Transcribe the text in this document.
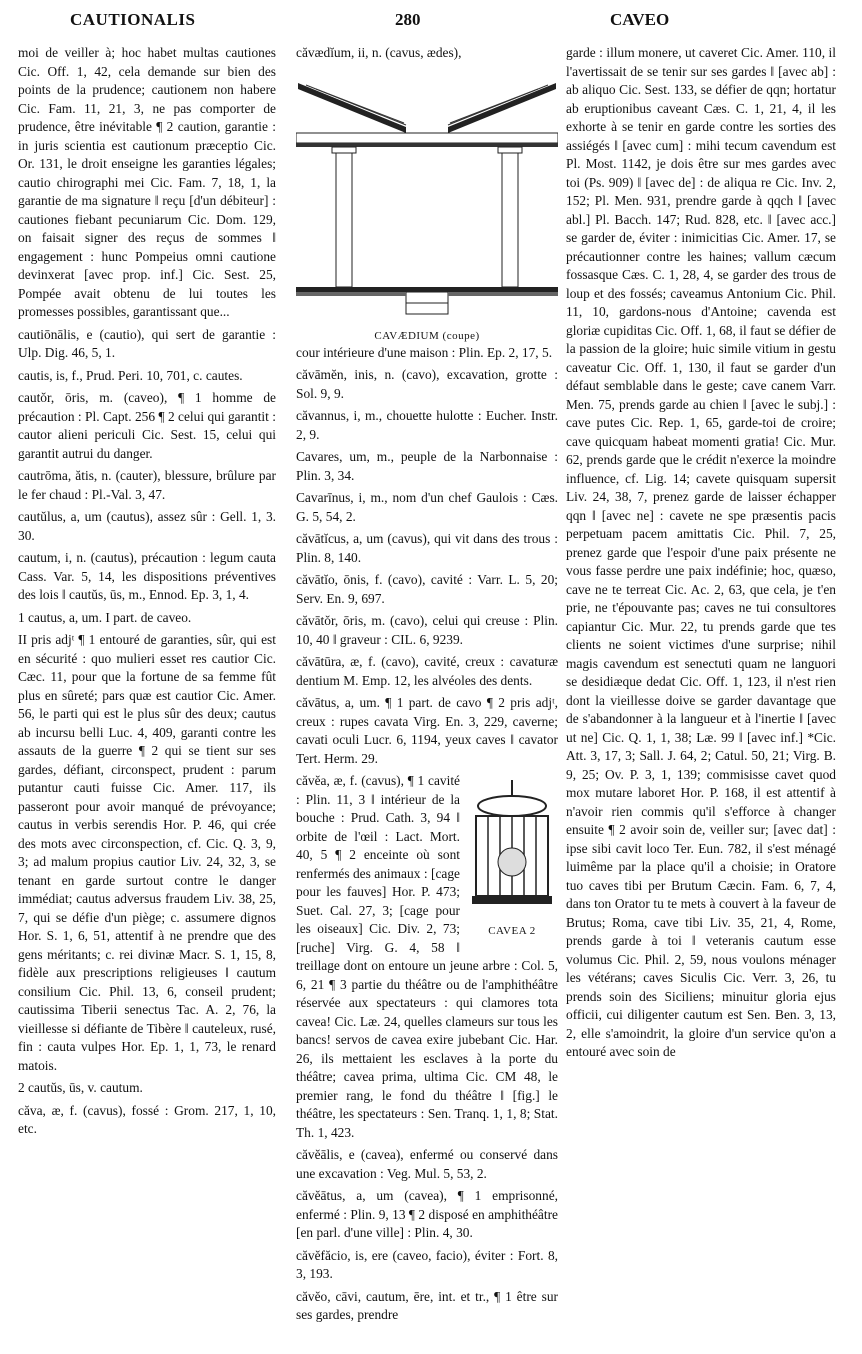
CAUTIONALIS	280	CAVEO

moi de veiller à; hoc habet multas cautiones Cic. Off. 1, 42, cela demande sur bien des points de la prudence; cautionem non habere Cic. Fam. 11, 21, 3, ne pas comporter de prudence, être inévitable ¶ 2 caution, garantie : in juris scientia est cautionum præceptio Cic. Or. 131, le droit enseigne les garanties légales; cautio chirographi mei Cic. Fam. 7, 18, 1, la garantie de ma signature ‖ reçu [d'un débiteur] : cautiones fiebant pecuniarum Cic. Dom. 129, on faisait signer des reçus de sommes ‖ engagement : hunc Pompeius omni cautione devinxerat [avec prop. inf.] Cic. Sest. 25, Pompée avait obtenu de lui toutes les promesses possibles, garantissant que...

cautiōnālis, e (cautio), qui sert de garantie : Ulp. Dig. 46, 5, 1.

cautis, is, f., Prud. Peri. 10, 701, c. cautes.

cautŏr, ōris, m. (caveo), ¶ 1 homme de précaution : Pl. Capt. 256 ¶ 2 celui qui garantit : cautor alieni periculi Cic. Sest. 15, celui qui garantit autrui du danger.

cautrōma, ătis, n. (cauter), blessure, brûlure par le fer chaud : Pl.-Val. 3, 47.

cautŭlus, a, um (cautus), assez sûr : Gell. 1, 3. 30.

cautum, i, n. (cautus), précaution : legum cauta Cass. Var. 5, 14, les dispositions préventives des lois ‖ cautŭs, ūs, m., Ennod. Ep. 3, 1, 4.

1 cautus, a, um. I part. de caveo.

II pris adjᵗ ¶ 1 entouré de garanties, sûr, qui est en sécurité : quo mulieri esset res cautior Cic. Cæc. 11, pour que la fortune de sa femme fût plus en sûreté; pars quæ est cautior Cic. Amer. 56, le parti qui est le plus sûr des deux; cautus ab incursu belli Luc. 4, 409, garanti contre les assauts de la guerre ¶ 2 qui se tient sur ses gardes, défiant, circonspect, prudent : parum putantur cauti fuisse Cic. Amer. 117, ils passeront pour avoir manqué de prévoyance; cautus in verbis serendis Hor. P. 46, qui crée des mots avec circonspection, cf. Cic. Q. 3, 9, 3; ad malum propius cautior Liv. 24, 32, 3, se tenant en garde surtout contre le danger immédiat; cautus adversus fraudem Liv. 38, 25, 7, qui se défie d'un piège; c. assumere dignos Hor. S. 1, 6, 51, attentif à ne prendre que des gens méritants; c. rei divinæ Macr. S. 1, 15, 8, fidèle aux prescriptions religieuses ‖ cautum consilium Cic. Phil. 13, 6, conseil prudent; cautissima Tiberii senectus Tac. A. 2, 76, la vieillesse si défiante de Tibère ‖ cauteleux, rusé, fin : cauta vulpes Hor. Ep. 1, 1, 73, le renard matois.

2 cautŭs, ūs, v. cautum.

căva, æ, f. (cavus), fossé : Grom. 217, 1, 10, etc.

căvædĭum, ii, n. (cavus, ædes),

CAVÆDIUM (coupe)

cour intérieure d'une maison : Plin. Ep. 2, 17, 5.

căvāmĕn, inis, n. (cavo), excavation, grotte : Sol. 9, 9.

căvannus, i, m., chouette hulotte : Eucher. Instr. 2, 9.

Cavares, um, m., peuple de la Narbonnaise : Plin. 3, 34.

Cavarīnus, i, m., nom d'un chef Gaulois : Cæs. G. 5, 54, 2.

căvātĭcus, a, um (cavus), qui vit dans des trous : Plin. 8, 140.

căvātĭo, ōnis, f. (cavo), cavité : Varr. L. 5, 20; Serv. En. 9, 697.

căvātŏr, ōris, m. (cavo), celui qui creuse : Plin. 10, 40 ‖ graveur : CIL. 6, 9239.

căvātūra, æ, f. (cavo), cavité, creux : cavaturæ dentium M. Emp. 12, les alvéoles des dents.

căvātus, a, um. ¶ 1 part. de cavo ¶ 2 pris adjᵗ, creux : rupes cavata Virg. En. 3, 229, caverne; cavati oculi Lucr. 6, 1194, yeux caves ‖ cavator Tert. Herm. 29.

CAVEA 2

căvĕa, æ, f. (cavus), ¶ 1 cavité : Plin. 11, 3 ‖ intérieur de la bouche : Prud. Cath. 3, 94 ‖ orbite de l'œil : Lact. Mort. 40, 5 ¶ 2 enceinte où sont renfermés des animaux : [cage pour les fauves] Hor. P. 473; Suet. Cal. 27, 3; [cage pour les oiseaux] Cic. Div. 2, 73; [ruche] Virg. G. 4, 58 ‖ treillage dont on entoure un jeune arbre : Col. 5, 6, 21 ¶ 3 partie du théâtre ou de l'amphithéâtre réservée aux spectateurs : qui clamores tota cavea! Cic. Læ. 24, quelles clameurs sur tous les bancs! servos de cavea exire jubebant Cic. Har. 26, ils mettaient les esclaves à la porte du théâtre; cavea prima, ultima Cic. CM 48, le premier rang, le fond du théâtre ‖ [fig.] le théâtre, les spectateurs : Sen. Tranq. 1, 1, 8; Stat. Th. 1, 423.

căvĕālis, e (cavea), enfermé ou conservé dans une excavation : Veg. Mul. 5, 53, 2.

căvĕātus, a, um (cavea), ¶ 1 emprisonné, enfermé : Plin. 9, 13 ¶ 2 disposé en amphithéâtre [en parl. d'une ville] : Plin. 4, 30.

căvĕfăcio, is, ere (caveo, facio), éviter : Fort. 8, 3, 193.

căvĕo, cāvi, cautum, ēre, int. et tr., ¶ 1 être sur ses gardes, prendre

garde : illum monere, ut caveret Cic. Amer. 110, il l'avertissait de se tenir sur ses gardes ‖ [avec ab] : ab aliquo Cic. Sest. 133, se défier de qqn; hortatur ab eruptionibus caveant Cæs. C. 1, 21, 4, il les exhorte à se tenir en garde contre les sorties des assiégés ‖ [avec cum] : mihi tecum cavendum est Pl. Most. 1142, je dois être sur mes gardes avec toi (Ps. 909) ‖ [avec de] : de aliqua re Cic. Inv. 2, 152; Pl. Men. 931, prendre garde à qqch ‖ [avec abl.] Pl. Bacch. 147; Rud. 828, etc. ‖ [avec acc.] se garder de, éviter : inimicitias Cic. Amer. 17, se précautionner contre les haines; vallum cæcum fossasque Cæs. C. 1, 28, 4, se garder des trous de loup et des fossés; caveamus Antonium Cic. Phil. 11, 10, gardons-nous d'Antoine; cavenda est gloriæ cupiditas Cic. Off. 1, 68, il faut se défier de la passion de la gloire; huic simile vitium in gestu caveatur Cic. Off. 1, 130, il faut se garder d'un défaut semblable dans le geste; cave canem Varr. Men. 75, prends garde au chien ‖ [avec le subj.] : cave putes Cic. Rep. 1, 65, garde-toi de croire; cave quicquam habeat momenti gratia! Cic. Mur. 62, prends garde que le crédit n'exerce la moindre influence, cf. Lig. 14; cavete quisquam supersit Liv. 24, 38, 7, prenez garde de laisser échapper qqn ‖ [avec ne] : cavete ne spe præsentis pacis perpetuam pacem amittatis Cic. Phil. 7, 25, prenez garde que l'espoir d'une paix présente ne vous fasse perdre une paix indéfinie; hoc, quæso, cave ne te terreat Cic. Ac. 2, 63, que cela, je t'en prie, ne t'épouvante pas; caves ne tui consultores capiantur Cic. Mur. 22, tu prends garde que tes clients ne soient victimes d'une surprise; nihil magis cavendum est senectuti quam ne languori se desidiæque dedat Cic. Off. 1, 123, il n'est rien dont la vieillesse doive se garder davantage que de s'abandonner à la langueur et à l'inertie ‖ [avec ut ne] Cic. Q. 1, 1, 38; Læ. 99 ‖ [avec inf.] *Cic. Att. 3, 17, 3; Sall. J. 64, 2; Catul. 50, 21; Virg. B. 9, 25; Ov. P. 3, 1, 139; commisisse cavet quod mox mutare laboret Hor. P. 168, il est attentif à n'avoir rien commis qu'il s'efforce à changer ensuite ¶ 2 avoir soin de, veiller sur; [avec dat] : ipse sibi cavit loco Ter. Eun. 782, il s'est ménagé luimême par la place qu'il a choisie; in Oratore tuo caves tibi per Brutum Cæcin. Fam. 6, 7, 4, dans ton Orator tu te mets à couvert à la faveur de Brutus; Roma, cave tibi Liv. 35, 21, 4, Rome, prends garde à toi ‖ veteranis cautum esse volumus Cic. Phil. 2, 59, nous voulons ménager les vétérans; caves Siculis Cic. Verr. 3, 26, tu prends soin des Siciliens; minuitur gloria ejus officii, cui diligenter cautum est Sen. Ben. 3, 13, 2, elle s'amoindrit, la gloire d'un service qu'on a entouré avec soin de
